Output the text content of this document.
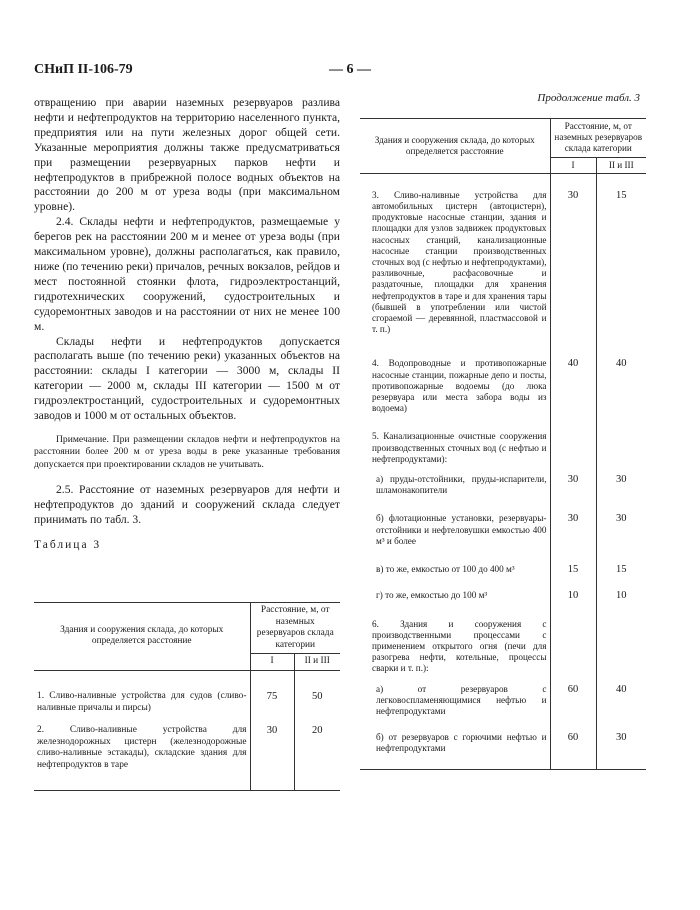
СНиП II-106-79	— 6 —

отвращению при аварии наземных резервуаров разлива нефти и нефтепродуктов на территорию населенного пункта, предприятия или на пути железных дорог общей сети. Указанные мероприятия должны также предусматриваться при размещении резервуарных парков нефти и нефтепродуктов в прибрежной полосе водных объектов на расстоянии до 200 м от уреза воды (при максимальном уровне).

2.4. Склады нефти и нефтепродуктов, размещаемые у берегов рек на расстоянии 200 м и менее от уреза воды (при максимальном уровне), должны располагаться, как правило, ниже (по течению реки) причалов, речных вокзалов, рейдов и мест постоянной стоянки флота, гидроэлектростанций, гидротехнических сооружений, судостроительных и судоремонтных заводов и на расстоянии от них не менее 100 м.

Склады нефти и нефтепродуктов допускается располагать выше (по течению реки) указанных объектов на расстоянии: склады I категории — 3000 м, склады II категории — 2000 м, склады III категории — 1500 м от гидроэлектростанций, судостроительных и судоремонтных заводов и 1000 м от остальных объектов.

Примечание. При размещении складов нефти и нефтепродуктов на расстоянии более 200 м от уреза воды в реке указанные требования допускается при проектировании складов не учитывать.

2.5. Расстояние от наземных резервуаров для нефти и нефтепродуктов до зданий и сооружений склада следует принимать по табл. 3.

Таблица 3

Здания и сооружения склада, до которых определяется расстояние	Расстояние, м, от наземных резервуаров склада категории	
	I	II и III
1. Сливо-наливные устройства для судов (сливо-наливные причалы и пирсы)	75	50
2. Сливо-наливные устройства для железнодорожных цистерн (железнодорожные сливо-наливные эстакады), складские здания для нефтепродуктов в таре	30	20
Продолжение табл. 3
Здания и сооружения склада, до которых определяется расстояние	Расстояние, м, от наземных резервуаров склада категории	
	I	II и III
3. Сливо-наливные устройства для автомобильных цистерн (автоцистерн), продуктовые насосные станции, здания и площадки для узлов задвижек продуктовых насосных станций, канализационные насосные станции производственных сточных вод (с нефтью и нефтепродуктами), разливочные, расфасовочные и раздаточные, площадки для хранения нефтепродуктов в таре и для хранения тары (бывшей в употреблении или чистой сгораемой — деревянной, пластмассовой и т. п.)	30	15
4. Водопроводные и противопожарные насосные станции, пожарные депо и посты, противопожарные водоемы (до люка резервуара или места забора воды из водоема)	40	40
5. Канализационные очистные сооружения производственных сточных вод (с нефтью и нефтепродуктами):		
а) пруды-отстойники, пруды-испарители, шламонакопители	30	30
б) флотационные установки, резервуары-отстойники и нефтеловушки емкостью 400 м³ и более	30	30
в) то же, емкостью от 100 до 400 м³	15	15
г) то же, емкостью до 100 м³	10	10
6. Здания и сооружения с производственными процессами с применением открытого огня (печи для разогрева нефти, котельные, процессы сварки и т. п.):		
а) от резервуаров с легковоспламеняющимися нефтью и нефтепродуктами	60	40
б) от резервуаров с горючими нефтью и нефтепродуктами	60	30
